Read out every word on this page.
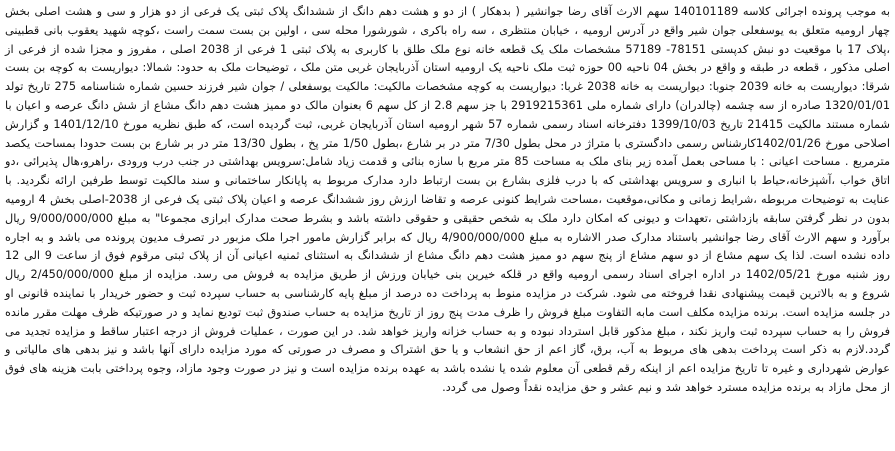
به موجب پرونده اجرائی کلاسه 140101189 سهم الارث آقای رضا جوانشیر ( بدهکار ) از دو و هشت دهم دانگ از ششدانگ پلاک ثبتی یک فرعی از دو هزار و سی و هشت اصلی بخش چهار ارومیه متعلق به یوسفعلی جوان شیر واقع در آدرس ارومیه ، خیابان منتظری ، سه راه باکری ، شورشورا محله سی ، اولین بن بست سمت راست ،کوچه شهید یعقوب بانی قطبینی ،پلاک 17 با موقعیت دو نبش کدپستی 78151- 57189 مشخصات ملک یک قطعه خانه نوع ملک طلق با کاربری به پلاک ثبتی 1 فرعی از 2038 اصلی ، مفروز و مجزا شده از فرعی از اصلی مذکور ، قطعه در طبقه و واقع در بخش 04 ناحیه 00 حوزه ثبت ملک ناحیه یک ارومیه استان آذربایجان غربی متن ملک ، توضیحات ملک به حدود: شمالا: دیواریست به کوچه بن بست شرقا: دیواریست به خانه 2039 جنوبا: دیواریست به خانه 2038 غربا: دیواریست به کوچه مشخصات مالکیت: مالکیت یوسفعلی / جوان شیر فرزند حسین شماره شناسنامه 275 تاریخ تولد 1320/01/01 صادره از سه چشمه (چالدران) دارای شماره ملی 2919215361 با جز سهم 2.8 از کل سهم 6 بعنوان مالک دو ممیز هشت دهم دانگ مشاع از شش دانگ عرصه و اعیان با شماره مستند مالکیت 21415 تاریخ 1399/10/03 دفترخانه اسناد رسمی شماره 57 شهر ارومیه استان آذربایجان غربی، ثبت گردیده است، که طبق نظریه مورخ 1401/12/10 و گزارش اصلاحی مورخ 1402/01/26کارشناس رسمی دادگستری با متراژ در محل بطول 7/30 متر در بر شارع ،بطول 1/50 متر پخ ، بطول 13/30 متر در بر شارع بن بست حدودا بمساحت یکصد مترمربع . مساحت اعیانی : با مساحی بعمل آمده زیر بنای ملک به مساحت 85 متر مربع با سازه بنائی و قدمت زیاد شامل:سرویس بهداشتی در جنب درب ورودی ،راهرو،هال پذیرائی ،دو اتاق خواب ،آشپزخانه،حیاط با انباری و سرویس بهداشتی که با درب فلزی بشارع بن بست ارتباط دارد مدارک مربوط به پایانکار ساختمانی و سند مالکیت توسط طرفین ارائه نگردید. با عنایت به توضیحات مربوطه ،شرایط زمانی و مکانی،موقعیت ،مساحت شرایط کنونی عرصه و تقاضا ارزش روز ششدانگ عرصه و اعیان پلاک ثبتی یک فرعی از 2038-اصلی بخش 4 ارومیه بدون در نظر گرفتن سابقه بازداشتی ،تعهدات و دیونی که امکان دارد ملک به شخص حقیقی و حقوقی داشته باشد و بشرط صحت مدارک ابرازی مجموعا" به مبلغ 9/000/000/000 ریال برآورد و سهم الارث آقای رضا جوانشیر باستناد مدارک صدر الاشاره به مبلغ 4/900/000/000 ریال که برابر گزارش مامور اجرا ملک مزبور در تصرف مدیون پرونده می باشد و به اجاره داده نشده است. لذا یک سهم مشاع از دو سهم مشاع از پنج سهم دو ممیز هشت دهم دانگ مشاع از ششدانگ به استثنای ثمنیه اعیانی آن از پلاک ثبتی مرقوم فوق از ساعت 9 الی 12 روز شنبه مورخ 1402/05/21 در اداره اجرای اسناد رسمی ارومیه واقع در قلکه خیرین بنی خیابان ورزش از طریق مزایده به فروش می رسد. مزایده از مبلغ 2/450/000/000 ریال شروع و به بالاترین قیمت پیشنهادی نقدا فروخته می شود. شرکت در مزایده منوط به پرداخت ده درصد از مبلغ پایه کارشناسی به حساب سپرده ثبت و حضور خریدار با نماینده قانونی او در جلسه مزایده است. برنده مزایده مکلف است مابه التفاوت مبلغ فروش را ظرف مدت پنج روز از تاریخ مزایده به حساب صندوق ثبت تودیع نماید و در صورتیکه ظرف مهلت مقرر مانده فروش را به حساب سپرده ثبت واریز نکند ، مبلغ مذکور قابل استرداد نبوده و به حساب خزانه واریز خواهد شد. در این صورت ، عملیات فروش از درجه اعتبار ساقط و مزایده تجدید می گردد.لازم به ذکر است پرداخت بدهی های مربوط به آب، برق، گاز اعم از حق انشعاب و یا حق اشتراک و مصرف در صورتی که مورد مزایده دارای آنها باشد و نیز بدهی های مالیاتی و عوارض شهرداری و غیره تا تاریخ مزایده اعم از اینکه رقم قطعی آن معلوم شده یا نشده باشد به عهده برنده مزایده است و نیز در صورت وجود مازاد، وجوه پرداختی بابت هزینه های فوق از محل مازاد به برنده مزایده مسترد خواهد شد و نیم عشر و حق مزایده نقداً وصول می گردد.
